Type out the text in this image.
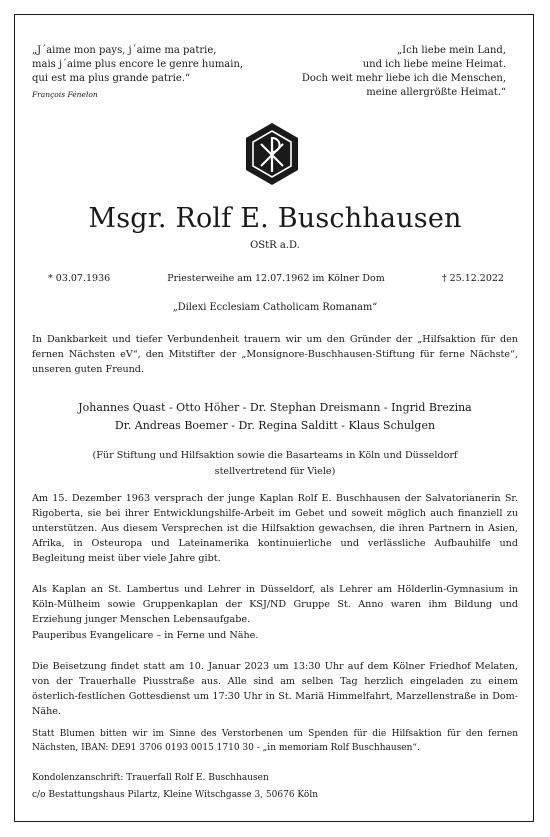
„J´aime mon pays, j´aime ma patrie,
mais j´aime plus encore le genre humain,
qui est ma plus grande patrie.“
François Fénelon
„Ich liebe mein Land,
und ich liebe meine Heimat.
Doch weit mehr liebe ich die Menschen,
meine allergrößte Heimat.“
Msgr. Rolf E. Buschhausen
OStR a.D.
* 03.07.1936	Priesterweihe am 12.07.1962 im Kölner Dom	† 25.12.2022
„Dilexi Ecclesiam Catholicam Romanam“
In Dankbarkeit und tiefer Verbundenheit trauern wir um den Gründer der „Hilfsaktion für den fernen Nächsten eV“, den Mitstifter der „Monsignore-Buschhausen-Stiftung für ferne Nächste“, unseren guten Freund.
Johannes Quast - Otto Höher - Dr. Stephan Dreismann - Ingrid Brezina
Dr. Andreas Boemer - Dr. Regina Salditt - Klaus Schulgen
(Für Stiftung und Hilfsaktion sowie die Basarteams in Köln und Düsseldorf
stellvertretend für Viele)
Am 15. Dezember 1963 versprach der junge Kaplan Rolf E. Buschhausen der Salvatorianerin Sr. Rigoberta, sie bei ihrer Entwicklungshilfe-Arbeit im Gebet und soweit möglich auch finanziell zu unterstützen. Aus diesem Versprechen ist die Hilfsaktion gewachsen, die ihren Partnern in Asien, Afrika, in Osteuropa und Lateinamerika kontinuierliche und verlässliche Aufbauhilfe und Begleitung meist über viele Jahre gibt.
Als Kaplan an St. Lambertus und Lehrer in Düsseldorf, als Lehrer am Hölderlin-Gymnasium in Köln-Mülheim sowie Gruppenkaplan der KSJ/ND Gruppe St. Anno waren ihm Bildung und Erziehung junger Menschen Lebensaufgabe.
Pauperibus Evangelicare – in Ferne und Nähe.
Die Beisetzung findet statt am 10. Januar 2023 um 13:30 Uhr auf dem Kölner Friedhof Melaten, von der Trauerhalle Piusstraße aus. Alle sind am selben Tag herzlich eingeladen zu einem österlich-festlichen Gottesdienst um 17:30 Uhr in St. Mariä Himmelfahrt, Marzellenstraße in Dom-Nähe.
Statt Blumen bitten wir im Sinne des Verstorbenen um Spenden für die Hilfsaktion für den fernen Nächsten, IBAN: DE91 3706 0193 0015 1710 30 - „in memoriam Rolf Buschhausen“.
Kondolenzanschrift: Trauerfall Rolf E. Buschhausen
c/o Bestattungshaus Pilartz, Kleine Witschgasse 3, 50676 Köln
